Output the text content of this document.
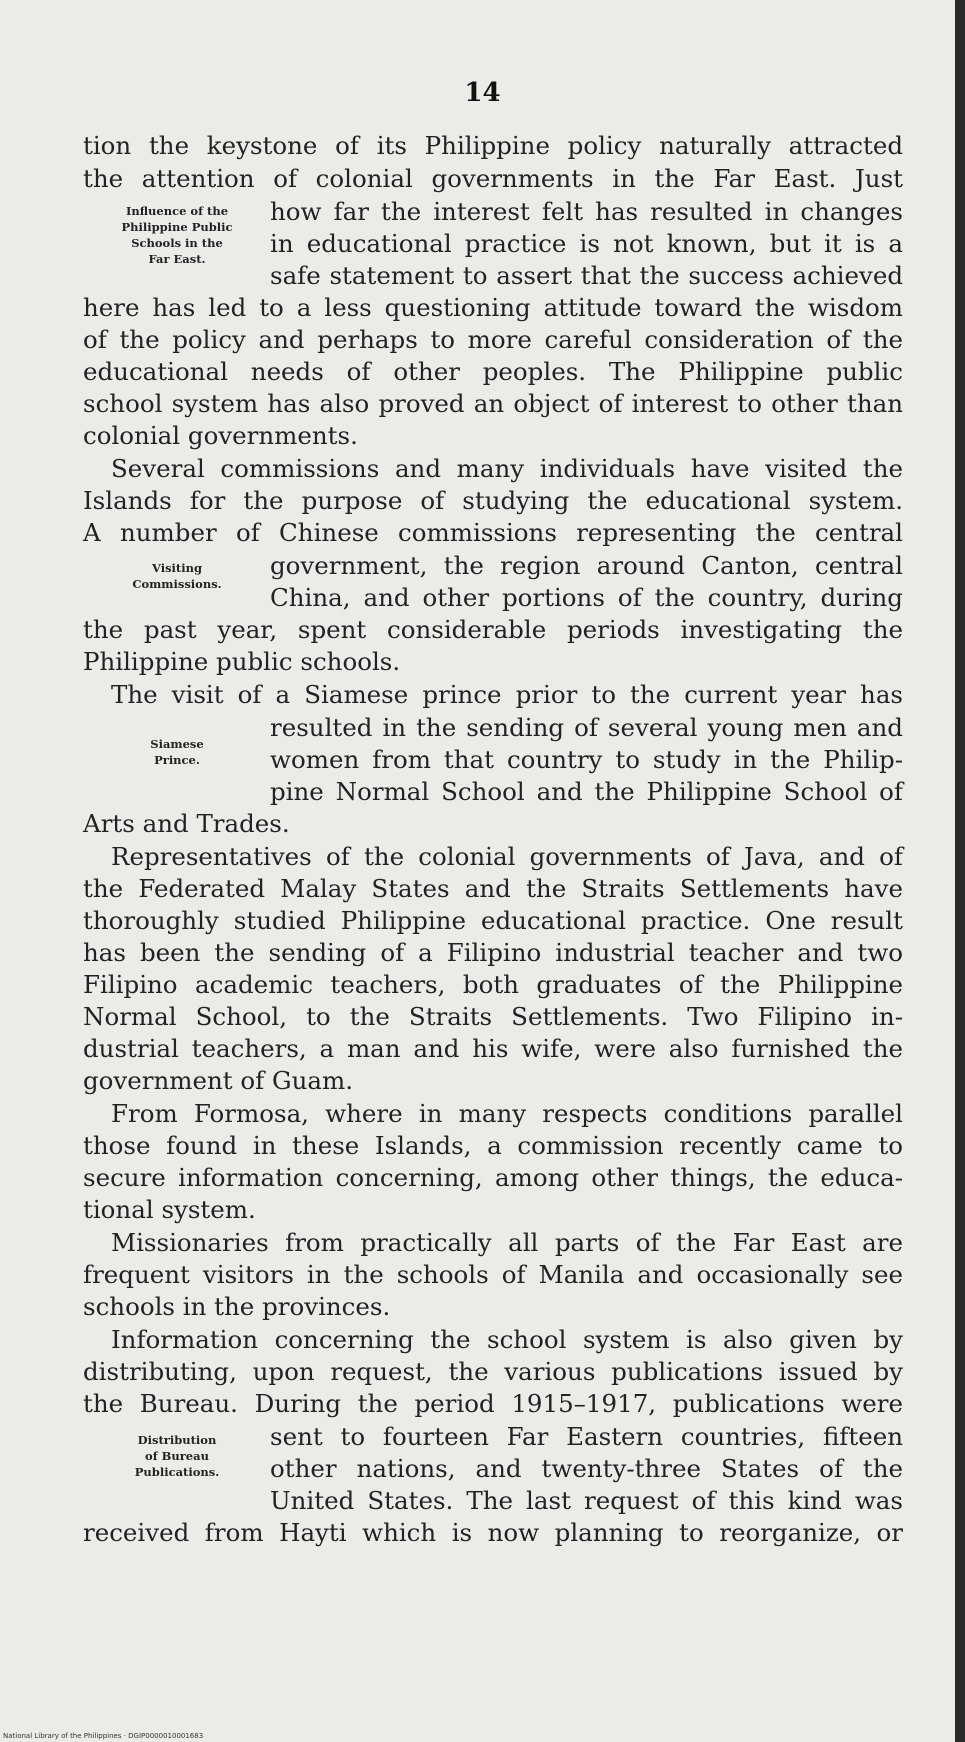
14
tion the keystone of its Philippine policy naturally attracted
the attention of colonial governments in the Far East. Just
how far the interest felt has resulted in changes
in educational practice is not known, but it is a
safe statement to assert that the success achieved
here has led to a less questioning attitude toward the wisdom
of the policy and perhaps to more careful consideration of the
educational needs of other peoples. The Philippine public
school system has also proved an object of interest to other than
colonial governments.
Several commissions and many individuals have visited the
Islands for the purpose of studying the educational system.
A number of Chinese commissions representing the central
government, the region around Canton, central
China, and other portions of the country, during
the past year, spent considerable periods investigating the
Philippine public schools.
The visit of a Siamese prince prior to the current year has
resulted in the sending of several young men and
women from that country to study in the Philip-
pine Normal School and the Philippine School of
Arts and Trades.
Representatives of the colonial governments of Java, and of
the Federated Malay States and the Straits Settlements have
thoroughly studied Philippine educational practice. One result
has been the sending of a Filipino industrial teacher and two
Filipino academic teachers, both graduates of the Philippine
Normal School, to the Straits Settlements. Two Filipino in-
dustrial teachers, a man and his wife, were also furnished the
government of Guam.
From Formosa, where in many respects conditions parallel
those found in these Islands, a commission recently came to
secure information concerning, among other things, the educa-
tional system.
Missionaries from practically all parts of the Far East are
frequent visitors in the schools of Manila and occasionally see
schools in the provinces.
Information concerning the school system is also given by
distributing, upon request, the various publications issued by
the Bureau. During the period 1915–1917, publications were
sent to fourteen Far Eastern countries, fifteen
other nations, and twenty-three States of the
United States. The last request of this kind was
received from Hayti which is now planning to reorganize, or
Influence of the
Philippine Public
Schools in the
Far East.
Visiting
Commissions.
Siamese
Prince.
Distribution
of Bureau
Publications.
National Library of the Philippines · DGIP0000010001683
